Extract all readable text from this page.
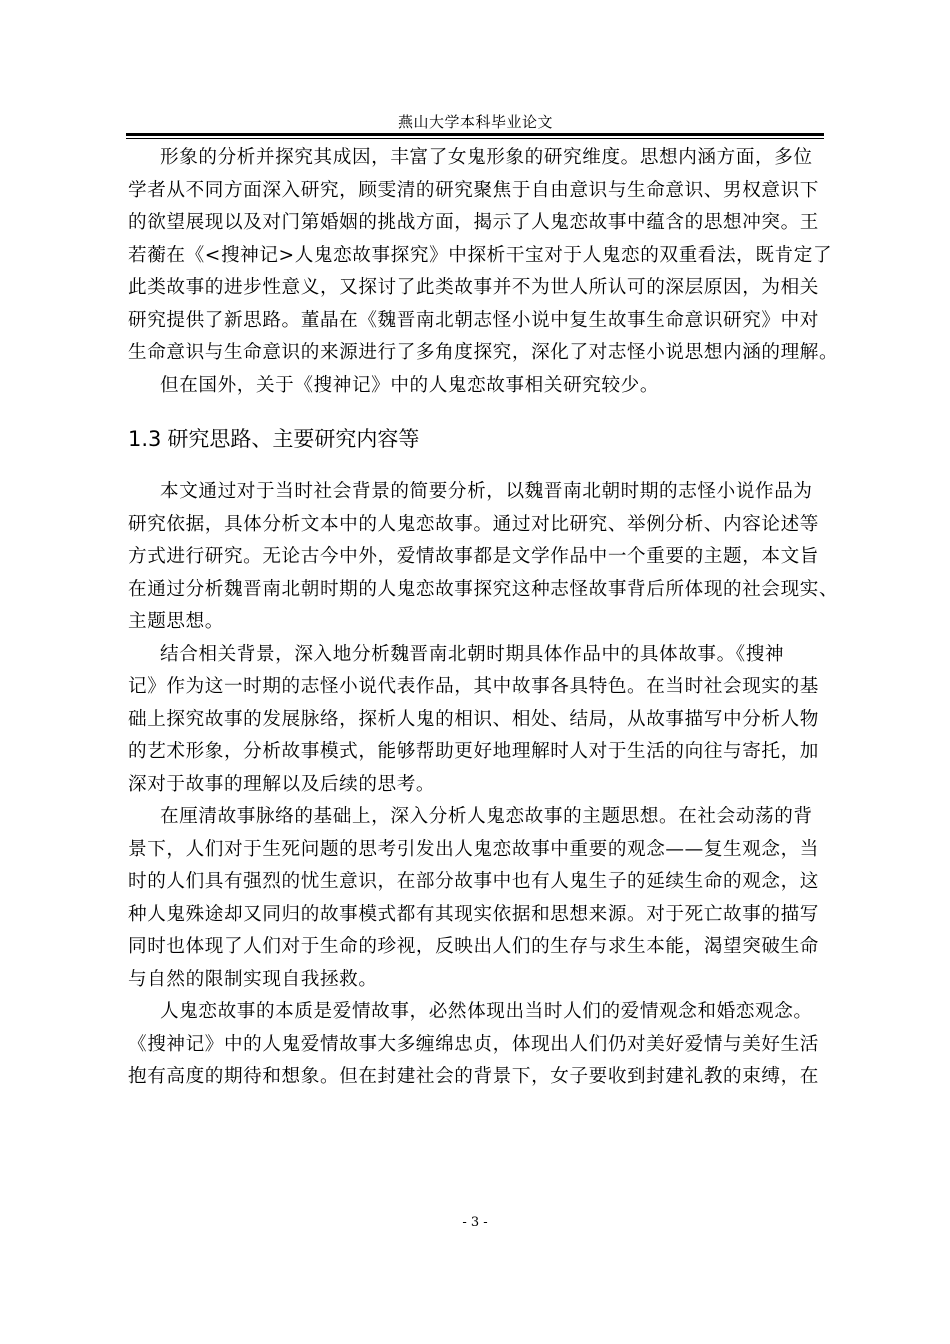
燕山大学本科毕业论文
形象的分析并探究其成因，丰富了女鬼形象的研究维度。思想内涵方面，多位
学者从不同方面深入研究，顾雯清的研究聚焦于自由意识与生命意识、男权意识下
的欲望展现以及对门第婚姻的挑战方面，揭示了人鬼恋故事中蕴含的思想冲突。王
若蘅在《<搜神记>人鬼恋故事探究》中探析干宝对于人鬼恋的双重看法，既肯定了
此类故事的进步性意义，又探讨了此类故事并不为世人所认可的深层原因，为相关
研究提供了新思路。董晶在《魏晋南北朝志怪小说中复生故事生命意识研究》中对
生命意识与生命意识的来源进行了多角度探究，深化了对志怪小说思想内涵的理解。
但在国外，关于《搜神记》中的人鬼恋故事相关研究较少。
1.3 研究思路、主要研究内容等
本文通过对于当时社会背景的简要分析，以魏晋南北朝时期的志怪小说作品为
研究依据，具体分析文本中的人鬼恋故事。通过对比研究、举例分析、内容论述等
方式进行研究。无论古今中外，爱情故事都是文学作品中一个重要的主题，本文旨
在通过分析魏晋南北朝时期的人鬼恋故事探究这种志怪故事背后所体现的社会现实、
主题思想。
结合相关背景，深入地分析魏晋南北朝时期具体作品中的具体故事。《搜神
记》作为这一时期的志怪小说代表作品，其中故事各具特色。在当时社会现实的基
础上探究故事的发展脉络，探析人鬼的相识、相处、结局，从故事描写中分析人物
的艺术形象，分析故事模式，能够帮助更好地理解时人对于生活的向往与寄托，加
深对于故事的理解以及后续的思考。
在厘清故事脉络的基础上，深入分析人鬼恋故事的主题思想。在社会动荡的背
景下，人们对于生死问题的思考引发出人鬼恋故事中重要的观念——复生观念，当
时的人们具有强烈的忧生意识，在部分故事中也有人鬼生子的延续生命的观念，这
种人鬼殊途却又同归的故事模式都有其现实依据和思想来源。对于死亡故事的描写
同时也体现了人们对于生命的珍视，反映出人们的生存与求生本能，渴望突破生命
与自然的限制实现自我拯救。
人鬼恋故事的本质是爱情故事，必然体现出当时人们的爱情观念和婚恋观念。
《搜神记》中的人鬼爱情故事大多缠绵忠贞，体现出人们仍对美好爱情与美好生活
抱有高度的期待和想象。但在封建社会的背景下，女子要收到封建礼教的束缚，在
- 3 -
